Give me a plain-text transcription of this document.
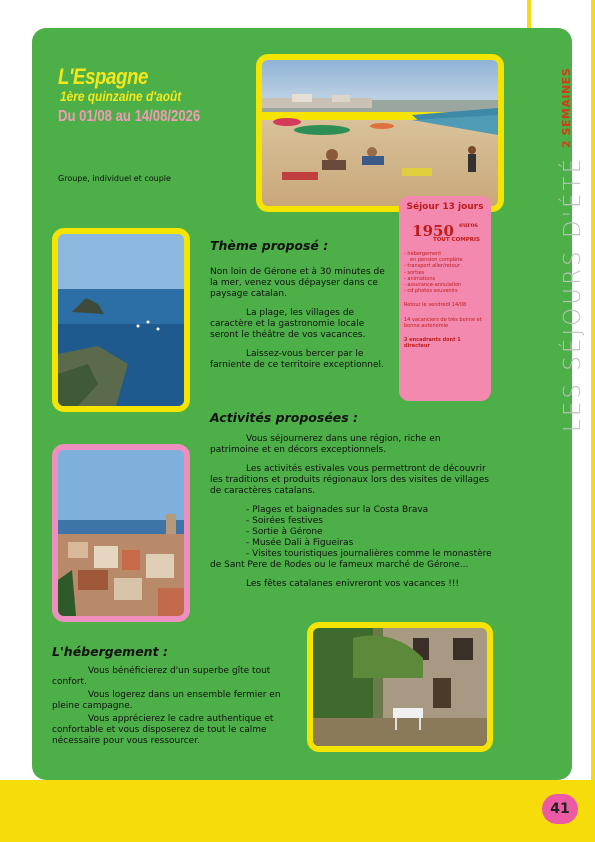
LES SÉJOURS D'ÉTÉ
2 SEMAINES
41
L'Espagne
1ère quinzaine d'août
Du 01/08 au 14/08/2026
Groupe, individuel et couple
Séjour 13 jours
1950 $^{euros}$
TOUT COMPRIS
- hébergement
en pension complète
- transport aller/retour
- sorties
- animations
- assurance-annulation
- cd photos souvenirs
Retour le vendredi 14/08
14 vacanciers de très bonne et bonne autonomie
2 encadrants dont 1 directeur
Thème proposé :

Non loin de Gérone et à 30 minutes de la mer, venez vous dépayser dans ce paysage catalan.

La plage, les villages de caractère et la gastronomie locale seront le théâtre de vos vacances.

Laissez-vous bercer par le farniente de ce territoire exceptionnel.

Activités proposées :

Vous séjournerez dans une région, riche en patrimoine et en décors exceptionnels.

Les activités estivales vous permettront de découvrir les traditions et produits régionaux lors des visites de villages de caractères catalans.

- Plages et baignades sur la Costa Brava
- Soirées festives
- Sortie à Gérone
- Musée Dali à Figueiras
- Visites touristiques journalières comme le monastère de Sant Pere de Rodes ou le fameux marché de Gérone...

Les fêtes catalanes enivreront vos vacances !!!

L'hébergement :

Vous bénéficierez d'un superbe gîte tout confort.

Vous logerez dans un ensemble fermier en pleine campagne.

Vous apprécierez le cadre authentique et confortable et vous disposerez de tout le calme nécessaire pour vous ressourcer.
